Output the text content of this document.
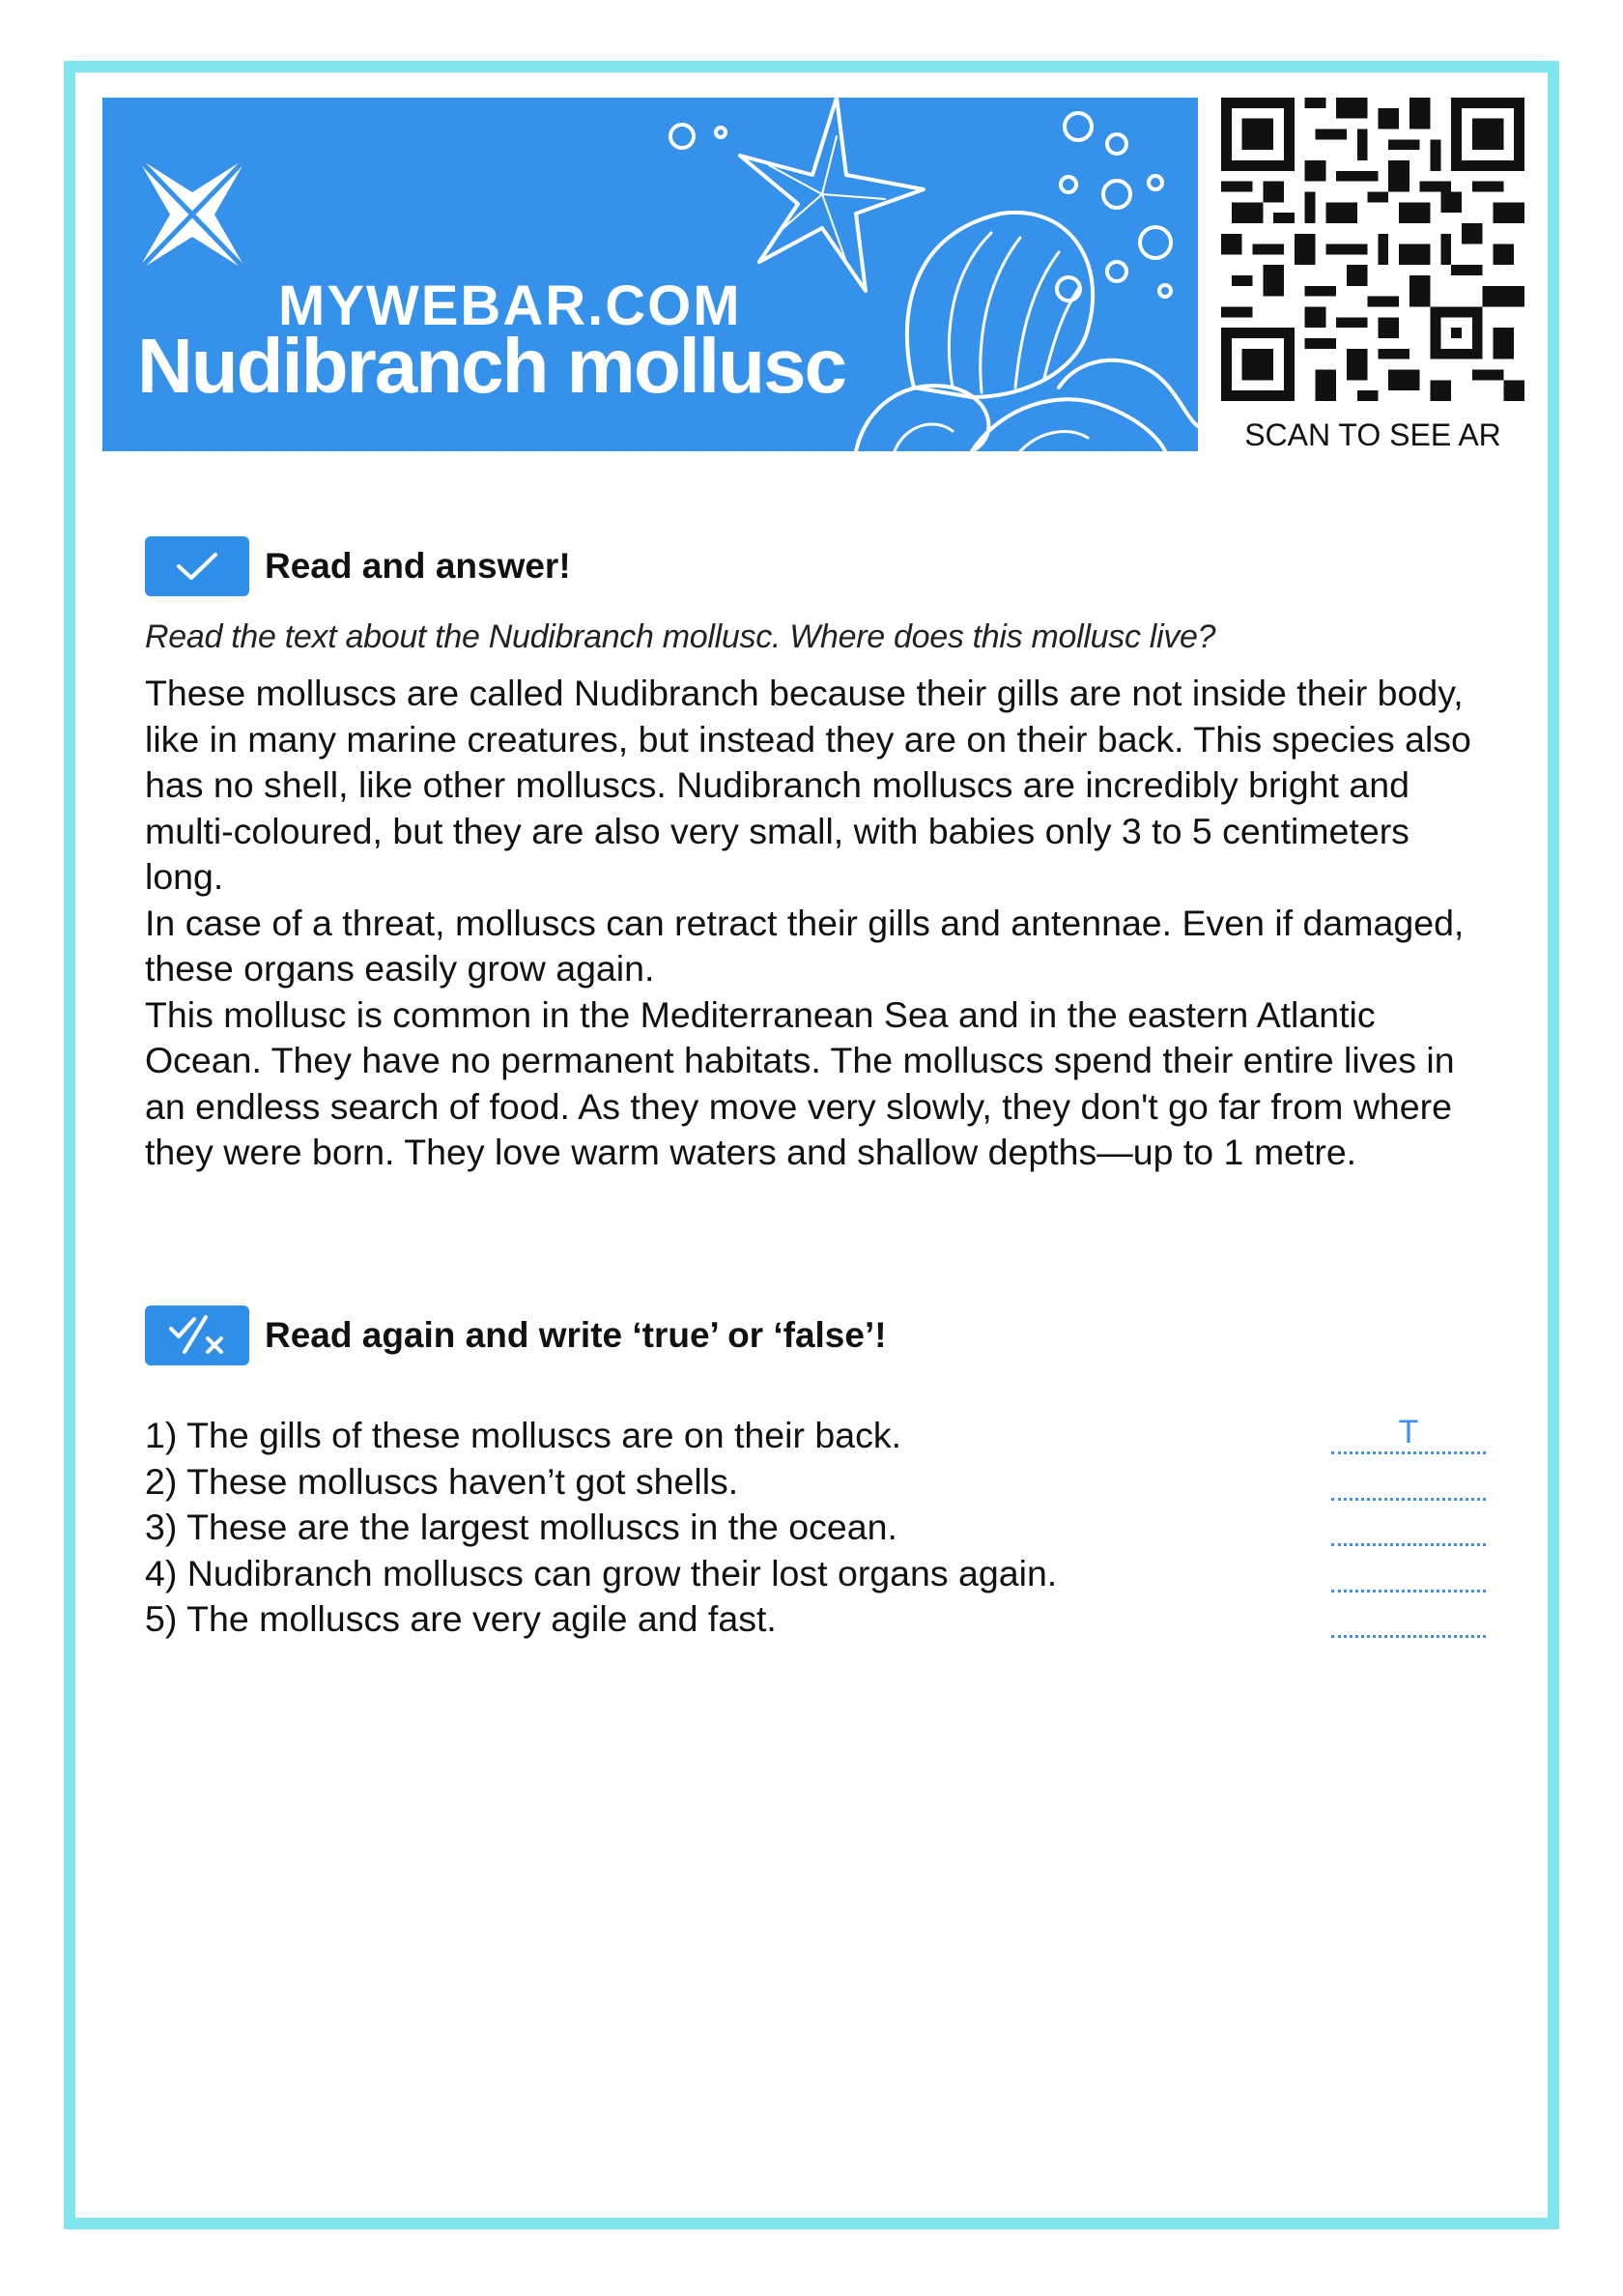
MYWEBAR.COM
Nudibranch mollusc
SCAN TO SEE AR
Read and answer!
Read the text about the Nudibranch mollusc. Where does this mollusc live?

These molluscs are called Nudibranch because their gills are not inside their body, like in many marine creatures, but instead they are on their back. This species also has no shell, like other molluscs. Nudibranch molluscs are incredibly bright and multi-coloured, but they are also very small, with babies only 3 to 5 centimeters long.

In case of a threat, molluscs can retract their gills and antennae. Even if damaged, these organs easily grow again.

This mollusc is common in the Mediterranean Sea and in the eastern Atlantic Ocean. They have no permanent habitats. The molluscs spend their entire lives in an endless search of food. As they move very slowly, they don't go far from where they were born. They love warm waters and shallow depths—up to 1 metre.

Read again and write ‘true’ or ‘false’!
1) The gills of these molluscs are on their back.	T
2) These molluscs haven’t got shells.
3) These are the largest molluscs in the ocean.
4) Nudibranch molluscs can grow their lost organs again.
5) The molluscs are very agile and fast.
